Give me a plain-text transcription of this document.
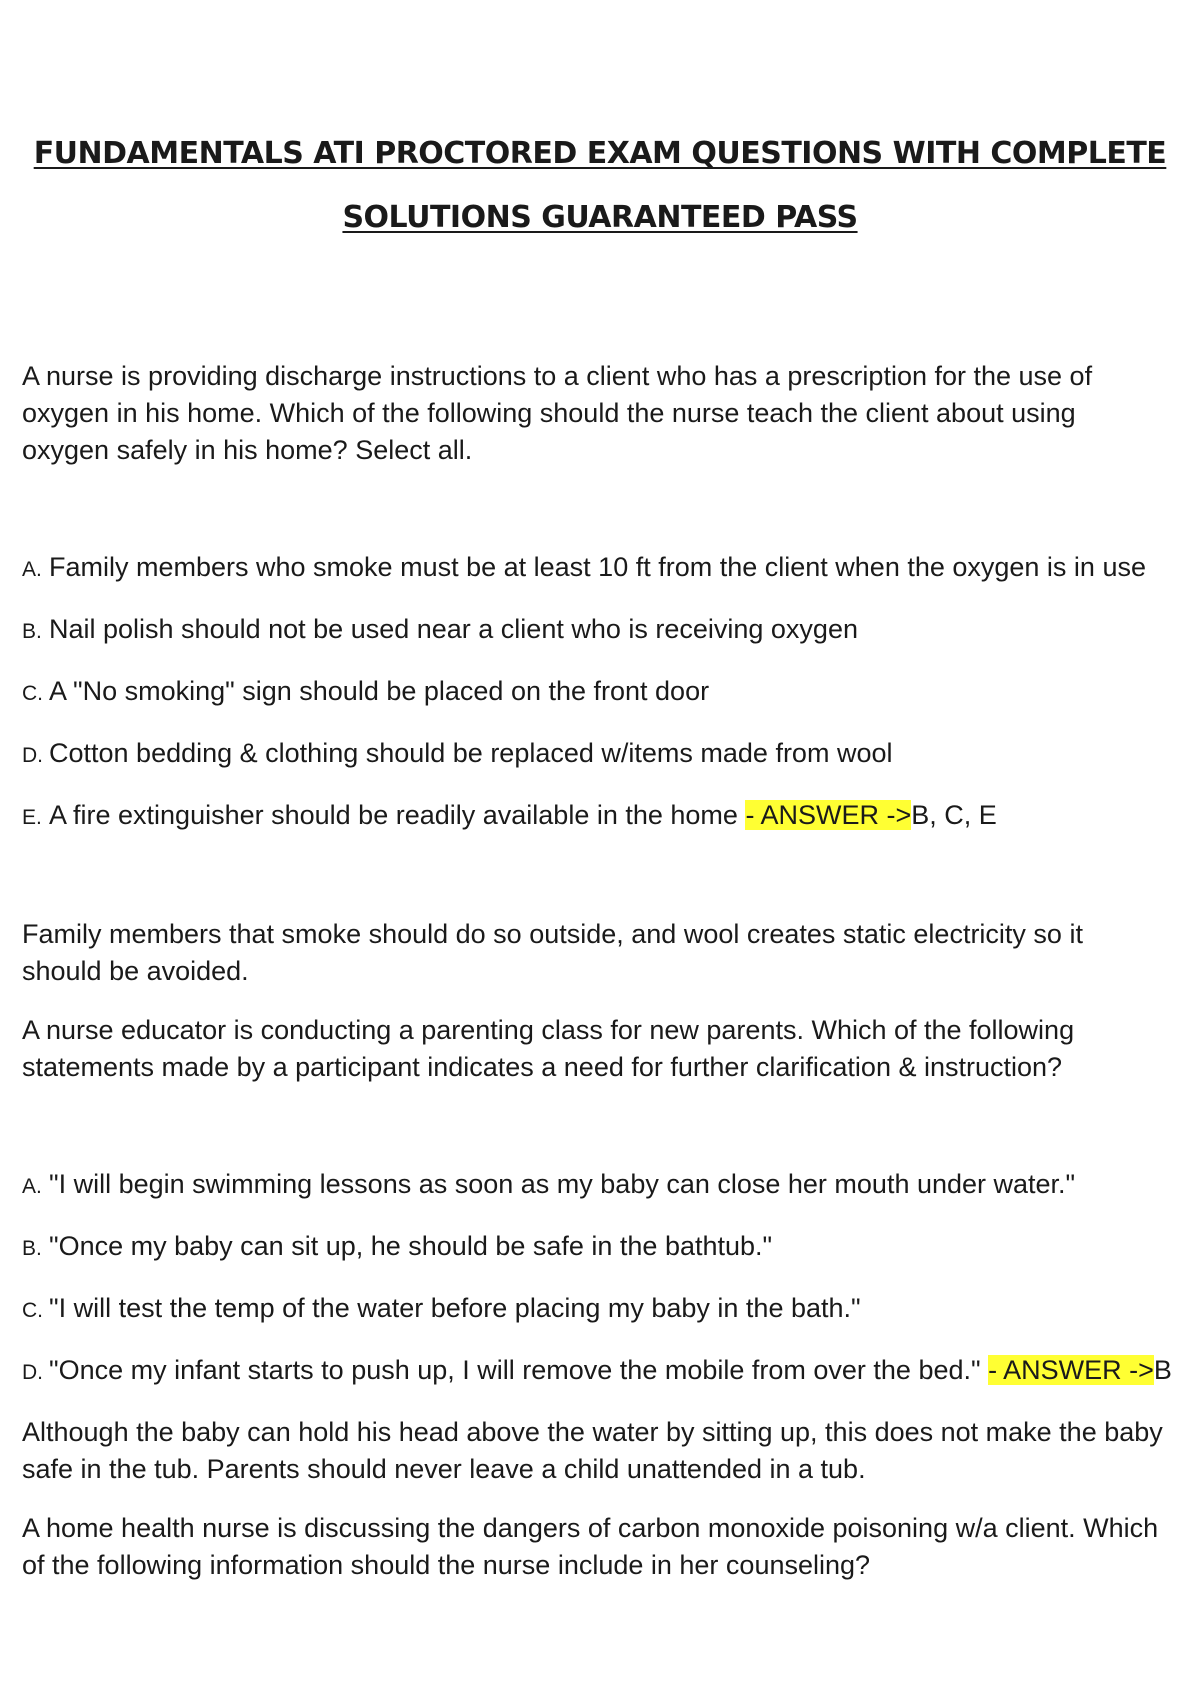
FUNDAMENTALS ATI PROCTORED EXAM QUESTIONS WITH COMPLETE
SOLUTIONS GUARANTEED PASS

A nurse is providing discharge instructions to a client who has a prescription for the use of oxygen in his home. Which of the following should the nurse teach the client about using oxygen safely in his home? Select all.

A. Family members who smoke must be at least 10 ft from the client when the oxygen is in use
B. Nail polish should not be used near a client who is receiving oxygen
C. A "No smoking" sign should be placed on the front door
D. Cotton bedding & clothing should be replaced w/items made from wool
E. A fire extinguisher should be readily available in the home - ANSWER ->B, C, E

Family members that smoke should do so outside, and wool creates static electricity so it should be avoided.

A nurse educator is conducting a parenting class for new parents. Which of the following statements made by a participant indicates a need for further clarification & instruction?

A. "I will begin swimming lessons as soon as my baby can close her mouth under water."
B. "Once my baby can sit up, he should be safe in the bathtub."
C. "I will test the temp of the water before placing my baby in the bath."
D. "Once my infant starts to push up, I will remove the mobile from over the bed." - ANSWER ->B

Although the baby can hold his head above the water by sitting up, this does not make the baby safe in the tub. Parents should never leave a child unattended in a tub.

A home health nurse is discussing the dangers of carbon monoxide poisoning w/a client. Which of the following information should the nurse include in her counseling?
